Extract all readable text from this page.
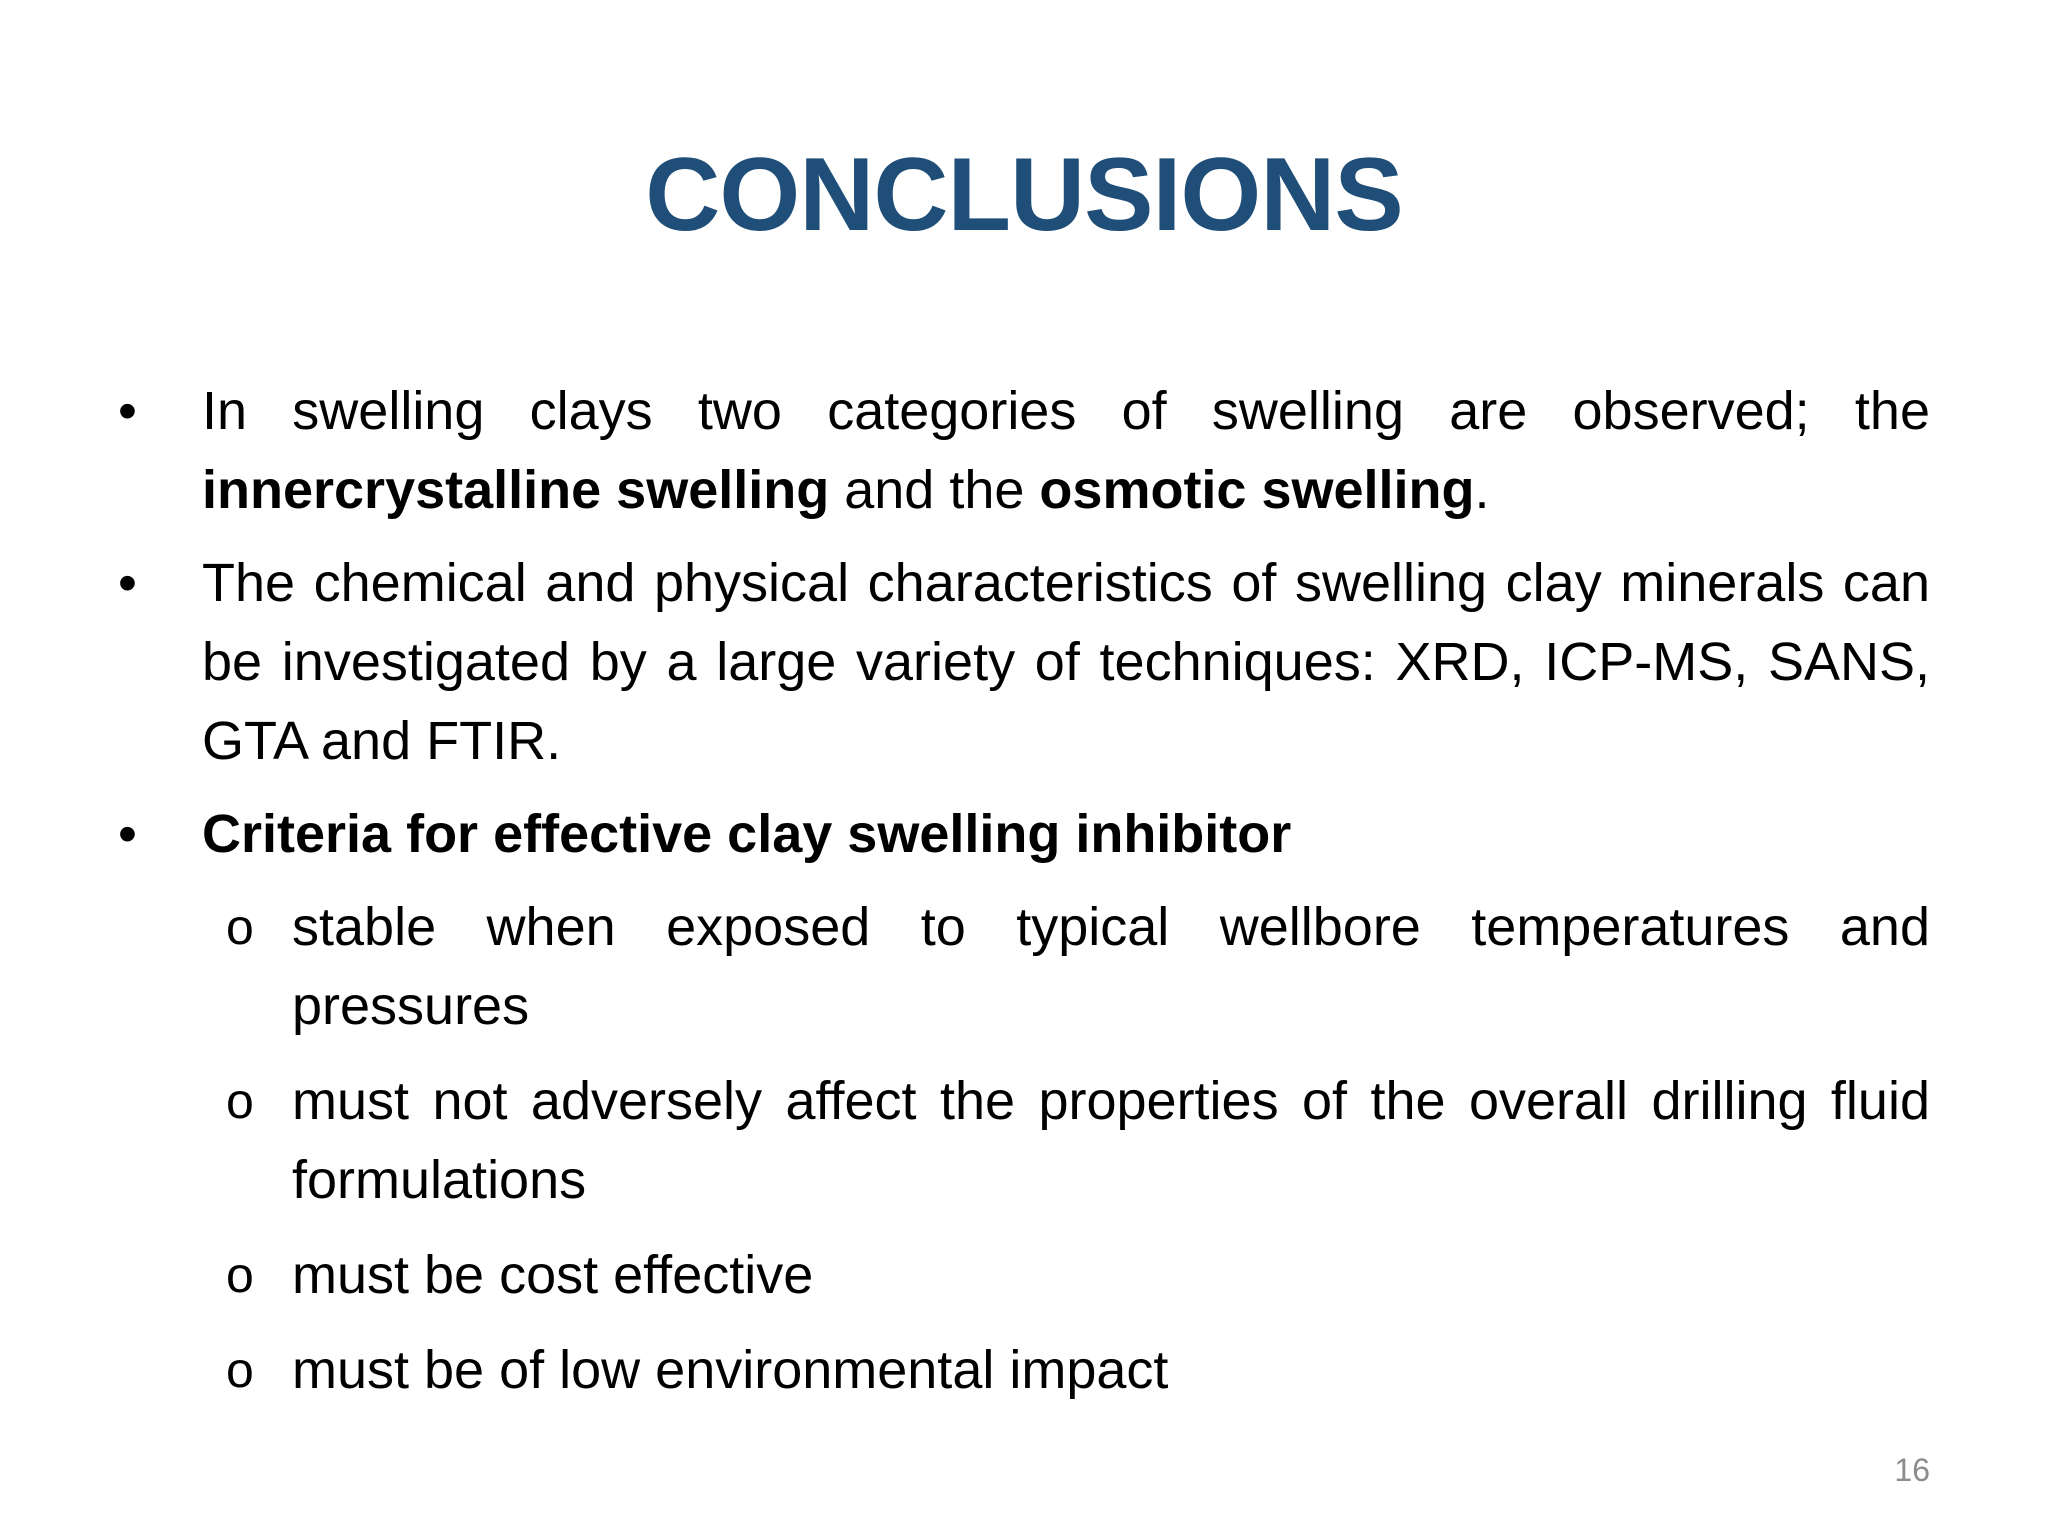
CONCLUSIONS
•	In swelling clays two categories of swelling are observed; the innercrystalline swelling and the osmotic swelling.
•	The chemical and physical characteristics of swelling clay minerals can be investigated by a large variety of techniques: XRD, ICP-MS, SANS, GTA and FTIR.
•	Criteria for effective clay swelling inhibitor
o stable when exposed to typical wellbore temperatures and pressures
o must not adversely affect the properties of the overall drilling fluid formulations
o must be cost effective
o must be of low environmental impact
16
